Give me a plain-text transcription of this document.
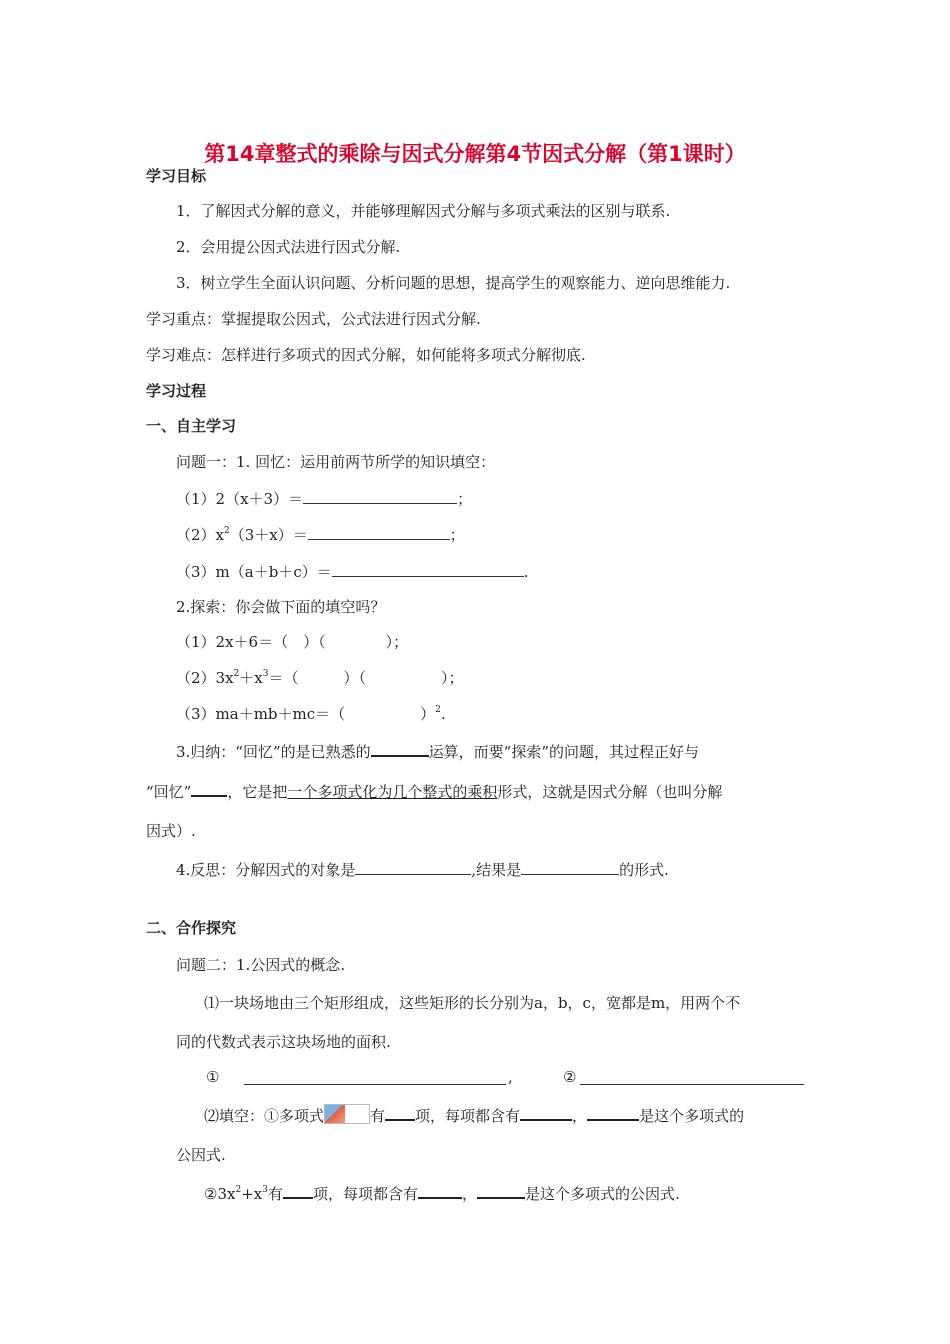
第14章整式的乘除与因式分解第4节因式分解（第1课时）
学习目标
1．了解因式分解的意义，并能够理解因式分解与多项式乘法的区别与联系.
2．会用提公因式法进行因式分解.
3．树立学生全面认识问题、分析问题的思想，提高学生的观察能力、逆向思维能力.
学习重点：掌握提取公因式，公式法进行因式分解.
学习难点：怎样进行多项式的因式分解，如何能将多项式分解彻底.
学习过程
一、自主学习
问题一：1. 回忆：运用前两节所学的知识填空：
（1）2（x＋3）＝	；
$(2)x^2(3+x)=$	；
（3）m（a＋b＋c）＝	.
2.探索：你会做下面的填空吗？
（1）2x＋6＝（　）（　　　　）；
$(2)3x^2+x^3=$（　　　）（　　　　　）；
（3）ma＋mb＋mc＝（　　　　　）$^2$.
3.归纳：“回忆”的是已熟悉的	运算，而要“探索”的问题，其过程正好与
“回忆” ，它是把一个多项式化为几个整式的乘积形式，这就是因式分解（也叫分解
因式）.
4.反思：分解因式的对象是	,结果是	的形式.
二、合作探究
问题二：1.公因式的概念.
⑴一块场地由三个矩形组成，这些矩形的长分别为a，b，c，宽都是m，用两个不
同的代数式表示这块场地的面积.
①	,	②
⑵填空：①多项式	有 项，每项都含有	，	是这个多项式的
公因式.
$②3x^2+x^3$有 项，每项都含有	，	是这个多项式的公因式.
